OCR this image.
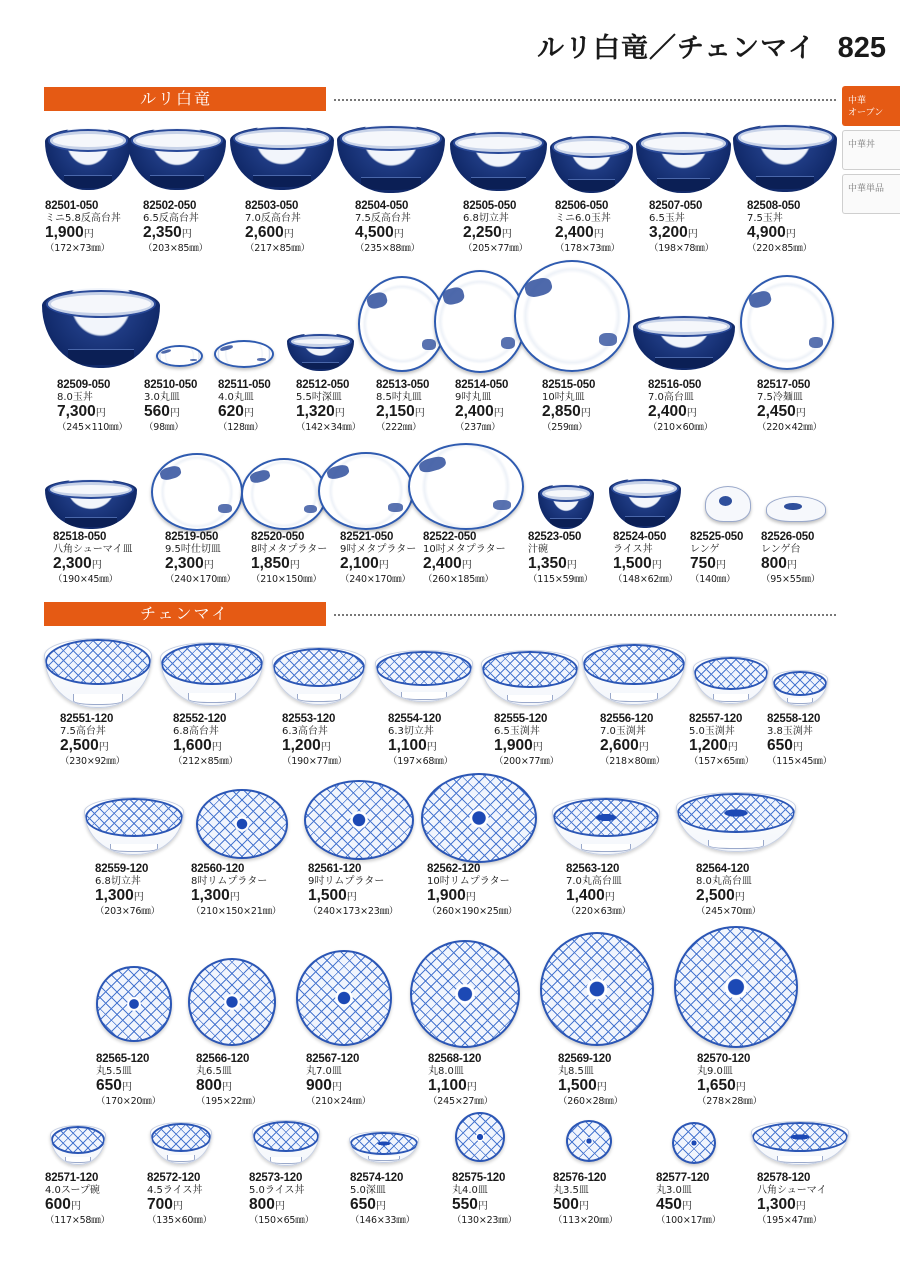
ルリ白竜／チェンマイ 825
中華
オーブン
中華丼
中華単品
ルリ白竜
チェンマイ
82501-050
ミニ5.8反高台丼
1,900円
（172×73㎜）
82502-050
6.5反高台丼
2,350円
（203×85㎜）
82503-050
7.0反高台丼
2,600円
（217×85㎜）
82504-050
7.5反高台丼
4,500円
（235×88㎜）
82505-050
6.8切立丼
2,250円
（205×77㎜）
82506-050
ミニ6.0玉丼
2,400円
（178×73㎜）
82507-050
6.5玉丼
3,200円
（198×78㎜）
82508-050
7.5玉丼
4,900円
（220×85㎜）
82509-050
8.0玉丼
7,300円
（245×110㎜）
82510-050
3.0丸皿
560円
（98㎜）
82511-050
4.0丸皿
620円
（128㎜）
82512-050
5.5吋深皿
1,320円
（142×34㎜）
82513-050
8.5吋丸皿
2,150円
（222㎜）
82514-050
9吋丸皿
2,400円
（237㎜）
82515-050
10吋丸皿
2,850円
（259㎜）
82516-050
7.0高台皿
2,400円
（210×60㎜）
82517-050
7.5冷麺皿
2,450円
（220×42㎜）
82518-050
八角シューマイ皿
2,300円
（190×45㎜）
82519-050
9.5吋仕切皿
2,300円
（240×170㎜）
82520-050
8吋メタプラター
1,850円
（210×150㎜）
82521-050
9吋メタプラター
2,100円
（240×170㎜）
82522-050
10吋メタプラター
2,400円
（260×185㎜）
82523-050
汁碗
1,350円
（115×59㎜）
82524-050
ライス丼
1,500円
（148×62㎜）
82525-050
レンゲ
750円
（140㎜）
82526-050
レンゲ台
800円
（95×55㎜）
82551-120
7.5高台丼
2,500円
（230×92㎜）
82552-120
6.8高台丼
1,600円
（212×85㎜）
82553-120
6.3高台丼
1,200円
（190×77㎜）
82554-120
6.3切立丼
1,100円
（197×68㎜）
82555-120
6.5玉渕丼
1,900円
（200×77㎜）
82556-120
7.0玉渕丼
2,600円
（218×80㎜）
82557-120
5.0玉渕丼
1,200円
（157×65㎜）
82558-120
3.8玉渕丼
650円
（115×45㎜）
82559-120
6.8切立丼
1,300円
（203×76㎜）
82560-120
8吋リムプラター
1,300円
（210×150×21㎜）
82561-120
9吋リムプラター
1,500円
（240×173×23㎜）
82562-120
10吋リムプラター
1,900円
（260×190×25㎜）
82563-120
7.0丸高台皿
1,400円
（220×63㎜）
82564-120
8.0丸高台皿
2,500円
（245×70㎜）
82565-120
丸5.5皿
650円
（170×20㎜）
82566-120
丸6.5皿
800円
（195×22㎜）
82567-120
丸7.0皿
900円
（210×24㎜）
82568-120
丸8.0皿
1,100円
（245×27㎜）
82569-120
丸8.5皿
1,500円
（260×28㎜）
82570-120
丸9.0皿
1,650円
（278×28㎜）
82571-120
4.0スープ碗
600円
（117×58㎜）
82572-120
4.5ライス丼
700円
（135×60㎜）
82573-120
5.0ライス丼
800円
（150×65㎜）
82574-120
5.0深皿
650円
（146×33㎜）
82575-120
丸4.0皿
550円
（130×23㎜）
82576-120
丸3.5皿
500円
（113×20㎜）
82577-120
丸3.0皿
450円
（100×17㎜）
82578-120
八角シューマイ
1,300円
（195×47㎜）
